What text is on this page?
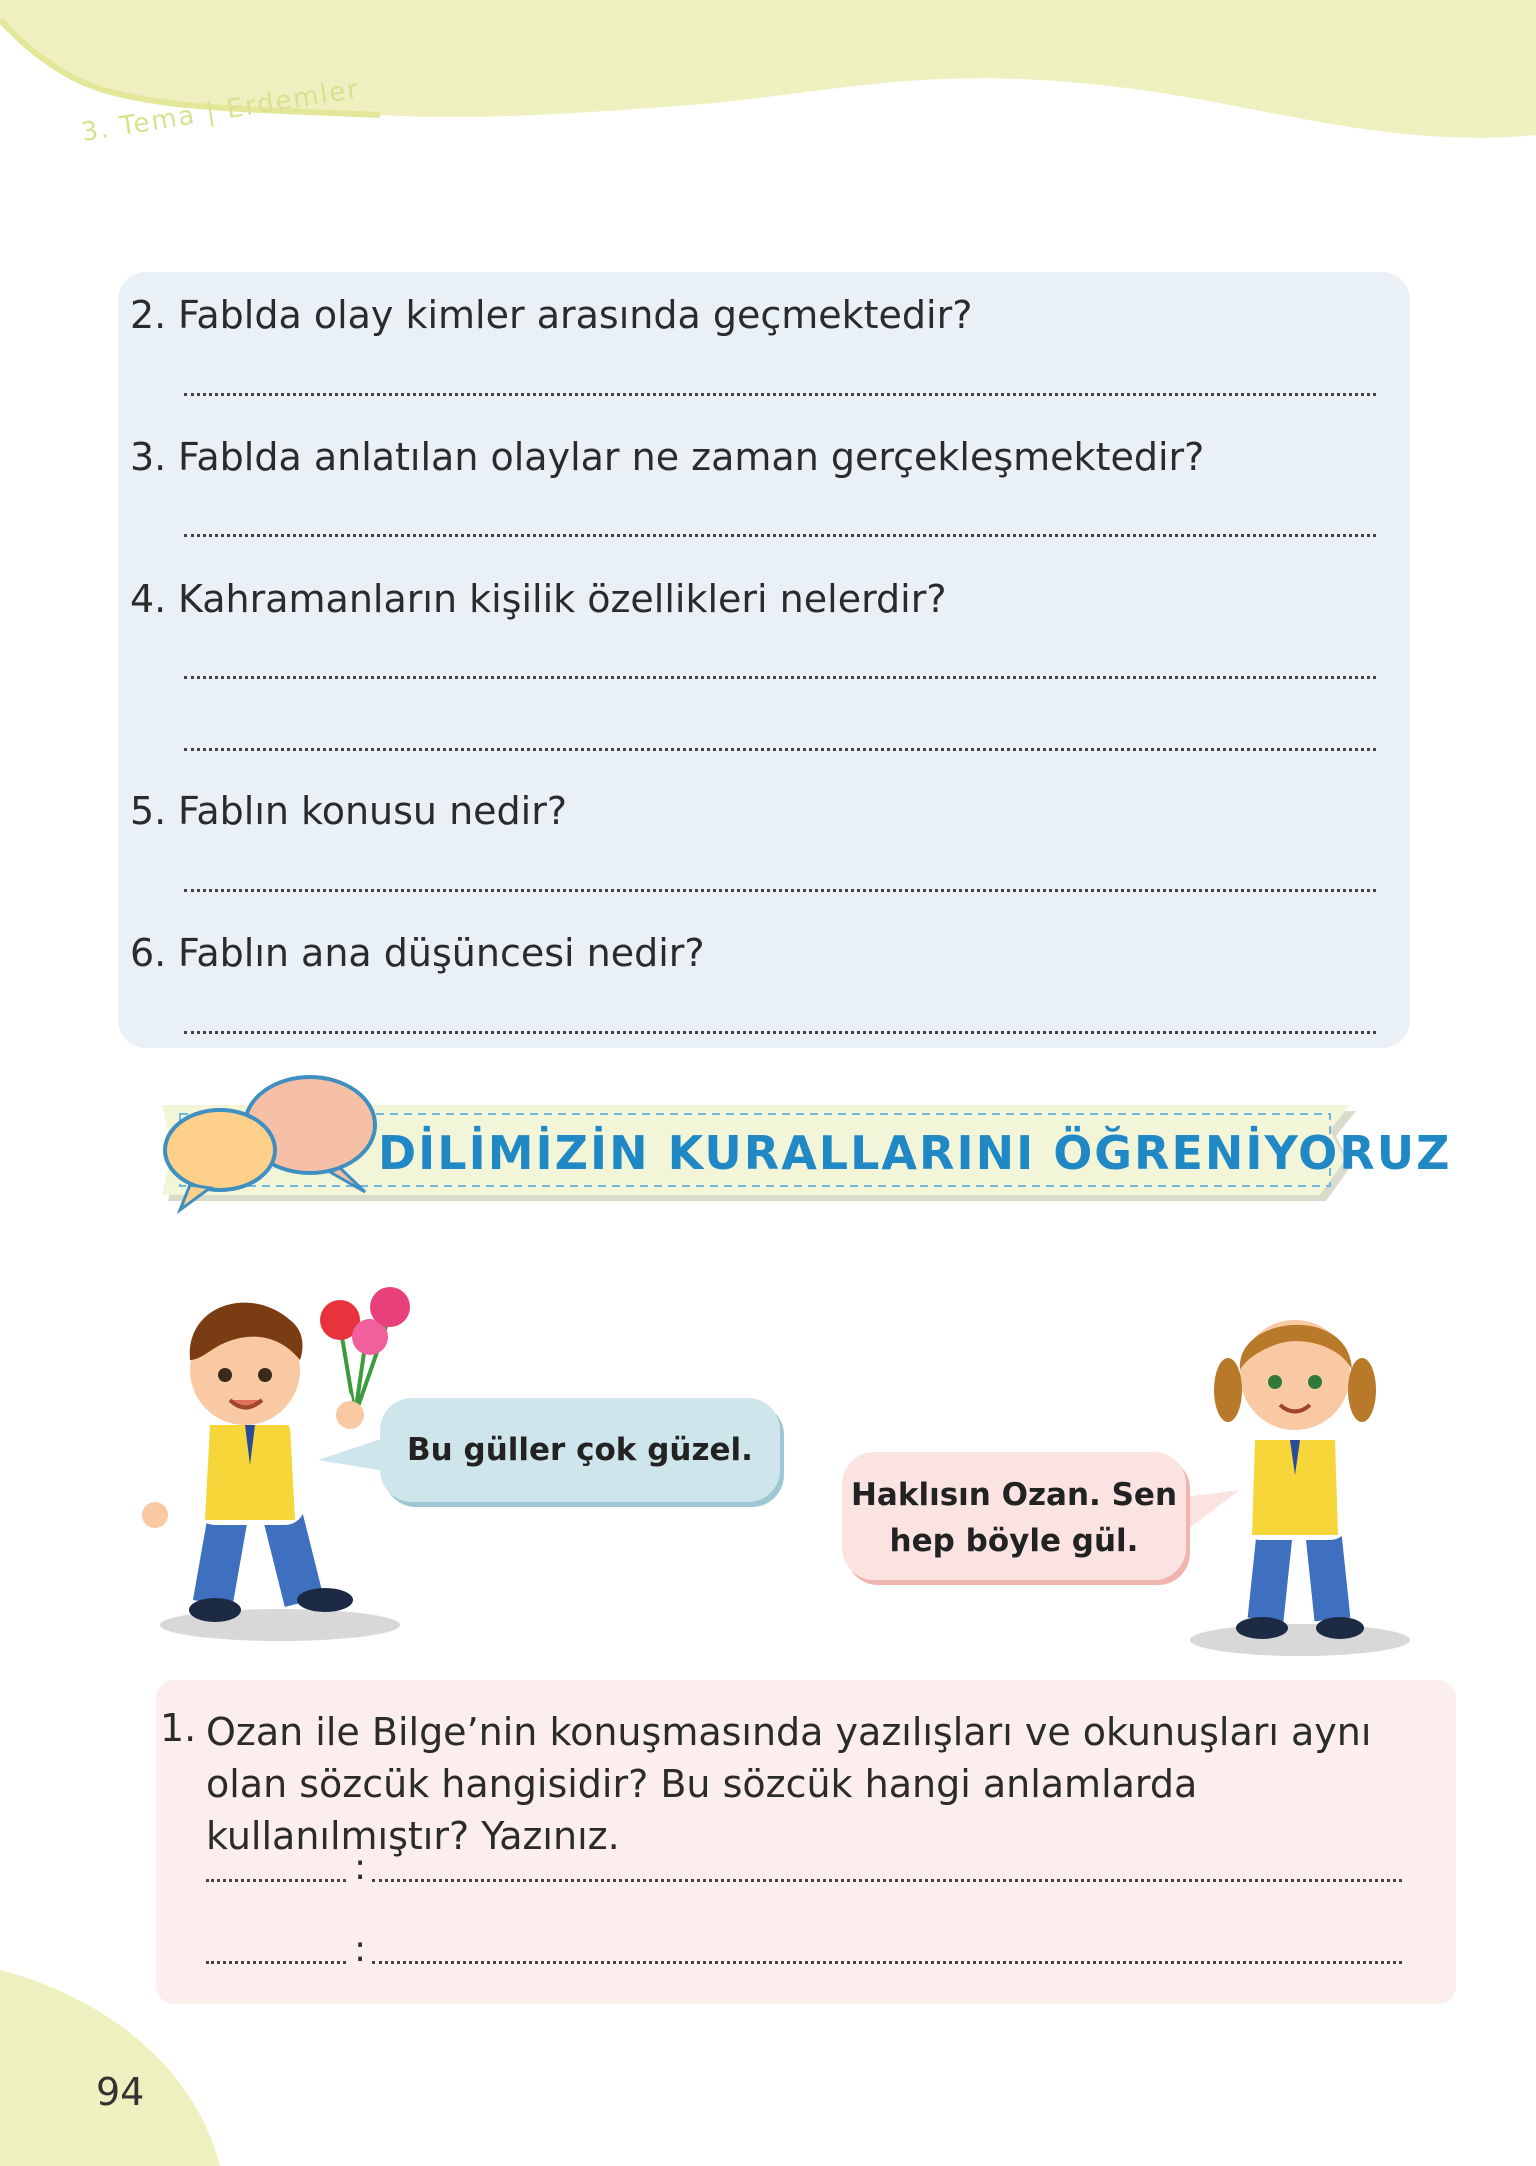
3. Tema | Erdemler
2. Fablda olay kimler arasında geçmektedir?
3. Fablda anlatılan olaylar ne zaman gerçekleşmektedir?
4. Kahramanların kişilik özellikleri nelerdir?
5. Fablın konusu nedir?
6. Fablın ana düşüncesi nedir?
DİLİMİZİN KURALLARINI ÖĞRENİYORUZ
Bu güller çok güzel.
Haklısın Ozan. Sen
hep böyle gül.
1. Ozan ile Bilge’nin konuşmasında yazılışları ve okunuşları aynı olan sözcük hangisidir? Bu sözcük hangi anlamlarda kullanılmıştır? Yazınız.
:
:
94
